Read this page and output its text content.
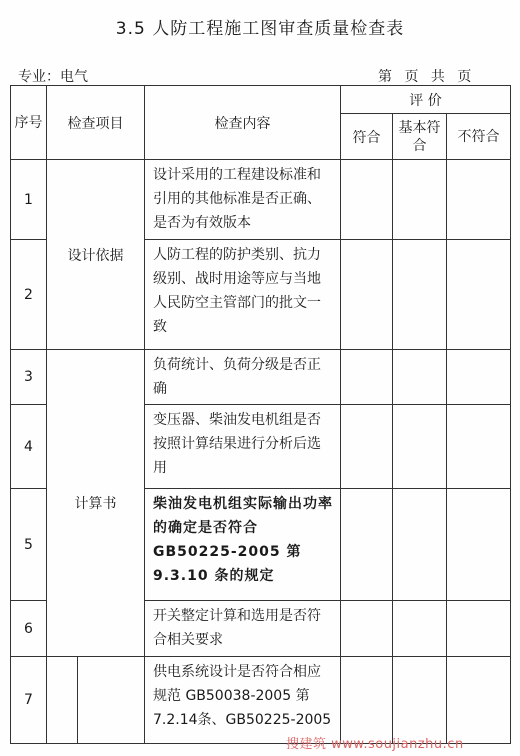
3.5 人防工程施工图审查质量检查表
专业：电气	第 页 共 页
序号	检查项目	检查内容	评 价		
			符合	基本符合	不符合
1	设计依据	设计采用的工程建设标准和引用的其他标准是否正确、是否为有效版本			
2		人防工程的防护类别、抗力级别、战时用途等应与当地人民防空主管部门的批文一致			
3	计算书	负荷统计、负荷分级是否正确			
4		变压器、柴油发电机组是否按照计算结果进行分析后选用			
5		柴油发电机组实际输出功率的确定是否符合GB50225-2005 第 9.3.10 条的规定			
6		开关整定计算和选用是否符合相关要求			
7		供电系统设计是否符合相应规范 GB50038-2005 第7.2.14条、GB50225-2005			
搜建筑 www.soujianzhu.cn
